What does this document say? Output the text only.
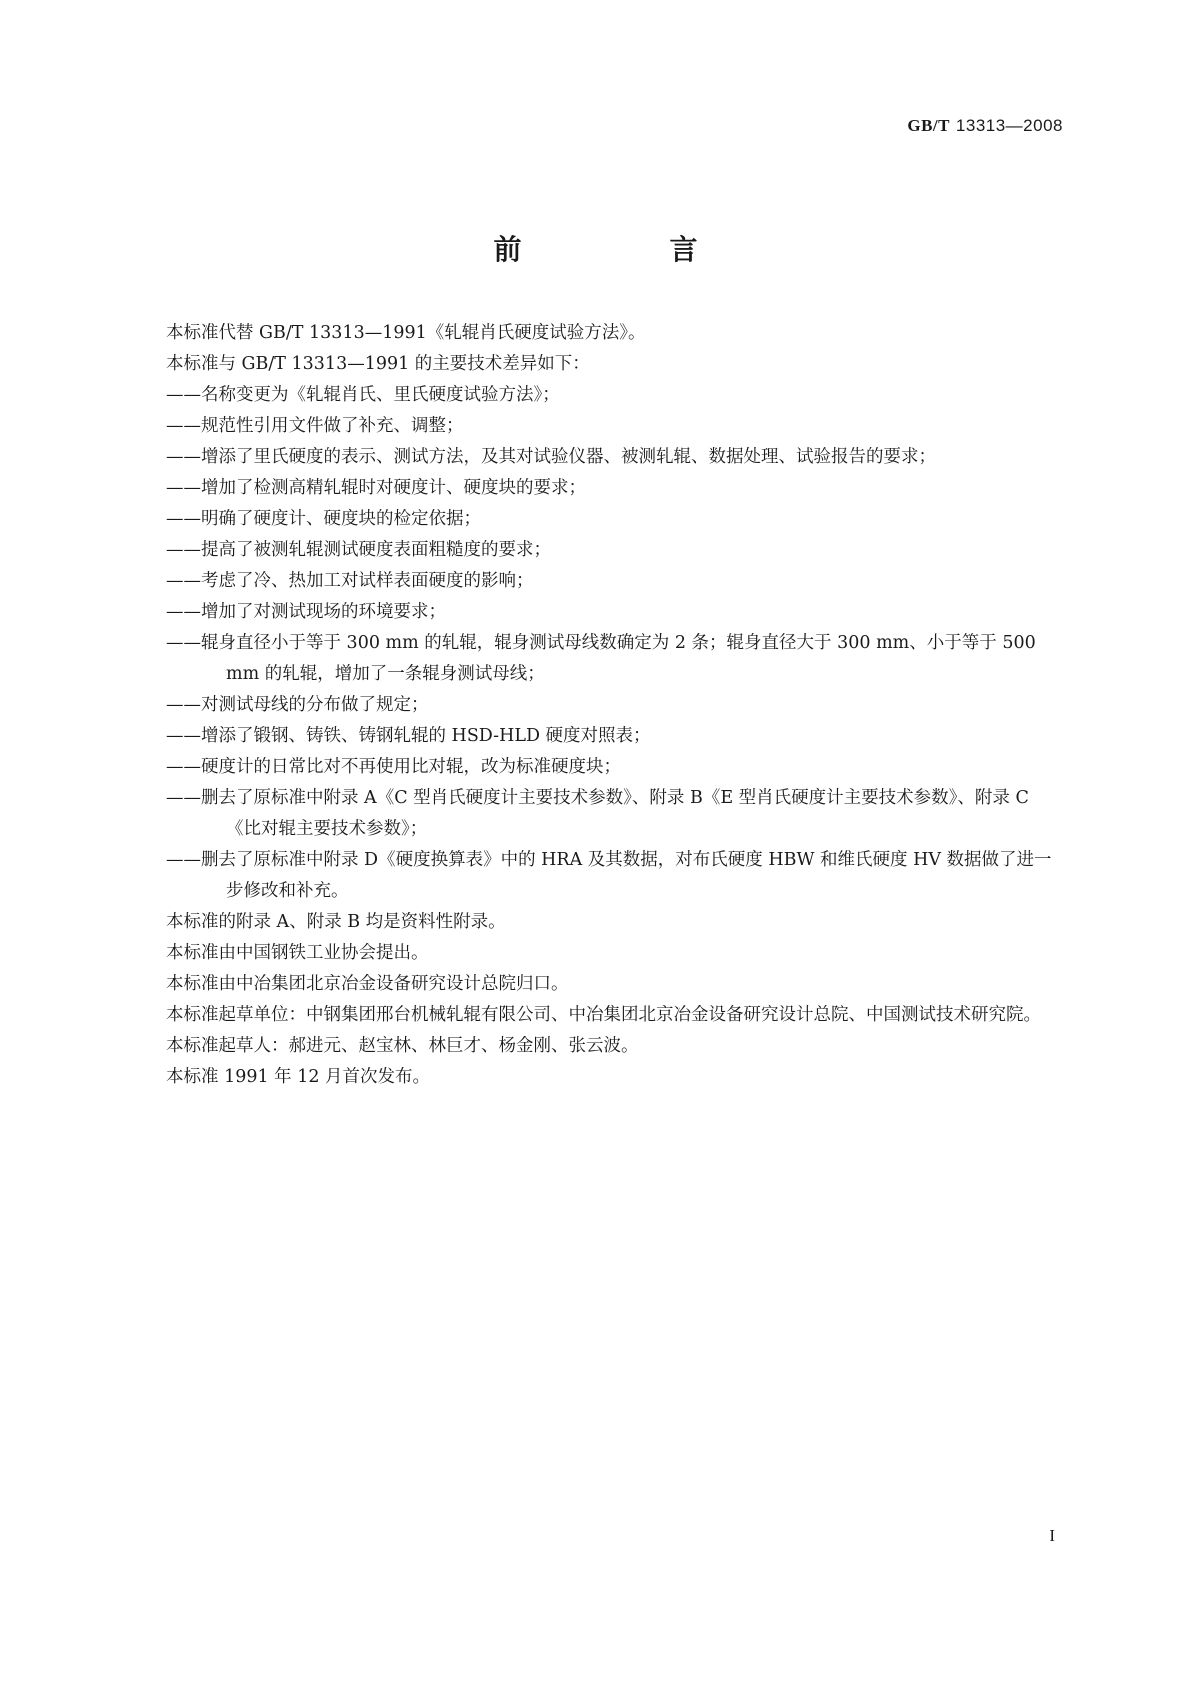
GB/T 13313—2008
前　言

本标准代替 GB/T 13313—1991《轧辊肖氏硬度试验方法》。

本标准与 GB/T 13313—1991 的主要技术差异如下：

——名称变更为《轧辊肖氏、里氏硬度试验方法》；

——规范性引用文件做了补充、调整；

——增添了里氏硬度的表示、测试方法，及其对试验仪器、被测轧辊、数据处理、试验报告的要求；

——增加了检测高精轧辊时对硬度计、硬度块的要求；

——明确了硬度计、硬度块的检定依据；

——提高了被测轧辊测试硬度表面粗糙度的要求；

——考虑了冷、热加工对试样表面硬度的影响；

——增加了对测试现场的环境要求；

——辊身直径小于等于 300 mm 的轧辊，辊身测试母线数确定为 2 条；辊身直径大于 300 mm、小于等于 500 mm 的轧辊，增加了一条辊身测试母线；

——对测试母线的分布做了规定；

——增添了锻钢、铸铁、铸钢轧辊的 HSD-HLD 硬度对照表；

——硬度计的日常比对不再使用比对辊，改为标准硬度块；

——删去了原标准中附录 A《C 型肖氏硬度计主要技术参数》、附录 B《E 型肖氏硬度计主要技术参数》、附录 C《比对辊主要技术参数》；

——删去了原标准中附录 D《硬度换算表》中的 HRA 及其数据，对布氏硬度 HBW 和维氏硬度 HV 数据做了进一步修改和补充。

本标准的附录 A、附录 B 均是资料性附录。

本标准由中国钢铁工业协会提出。

本标准由中冶集团北京冶金设备研究设计总院归口。

本标准起草单位：中钢集团邢台机械轧辊有限公司、中冶集团北京冶金设备研究设计总院、中国测试技术研究院。

本标准起草人：郝进元、赵宝林、林巨才、杨金刚、张云波。

本标准 1991 年 12 月首次发布。

I
